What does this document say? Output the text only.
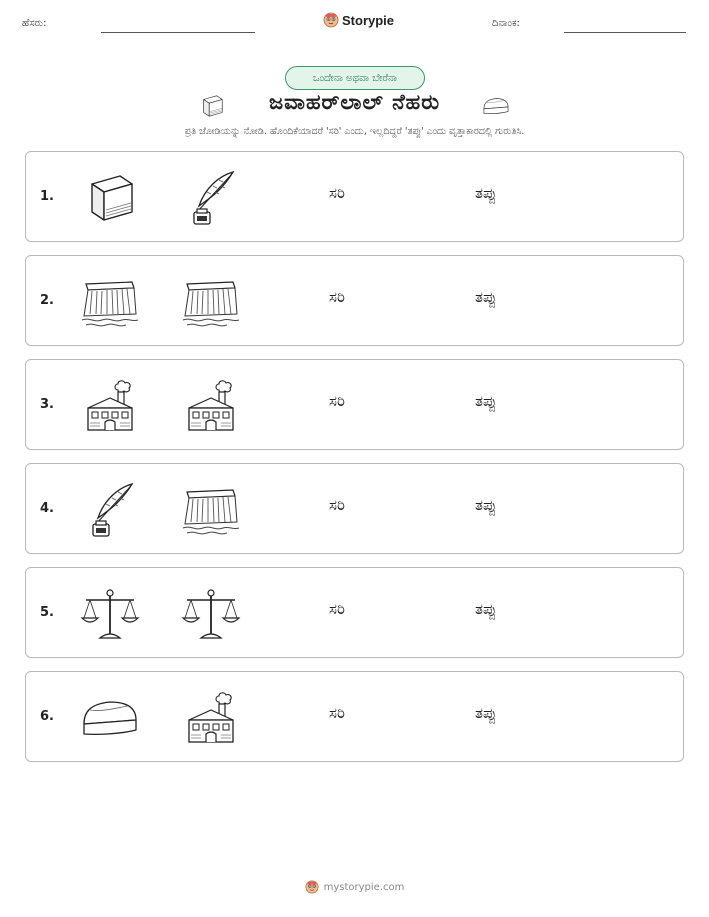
ಹೆಸರು:	Storypie	ದಿನಾಂಕ:
ಒಂದೇನಾ ಅಥವಾ ಬೇರೆನಾ
ಜವಾಹರ್‌ಲಾಲ್ ನೆಹರು
ಪ್ರತಿ ಜೋಡಿಯನ್ನು ನೋಡಿ. ಹೊಂದಿಕೆಯಾದರೆ 'ಸರಿ' ಎಂದು, ಇಲ್ಲದಿದ್ದರೆ 'ತಪ್ಪು' ಎಂದು ವೃತ್ತಾಕಾರದಲ್ಲಿ ಗುರುತಿಸಿ.
1.	ಸರಿ	ತಪ್ಪು
2.	ಸರಿ	ತಪ್ಪು
3.	ಸರಿ	ತಪ್ಪು
4.	ಸರಿ	ತಪ್ಪು
5.	ಸರಿ	ತಪ್ಪು
6.	ಸರಿ	ತಪ್ಪು
mystorypie.com
